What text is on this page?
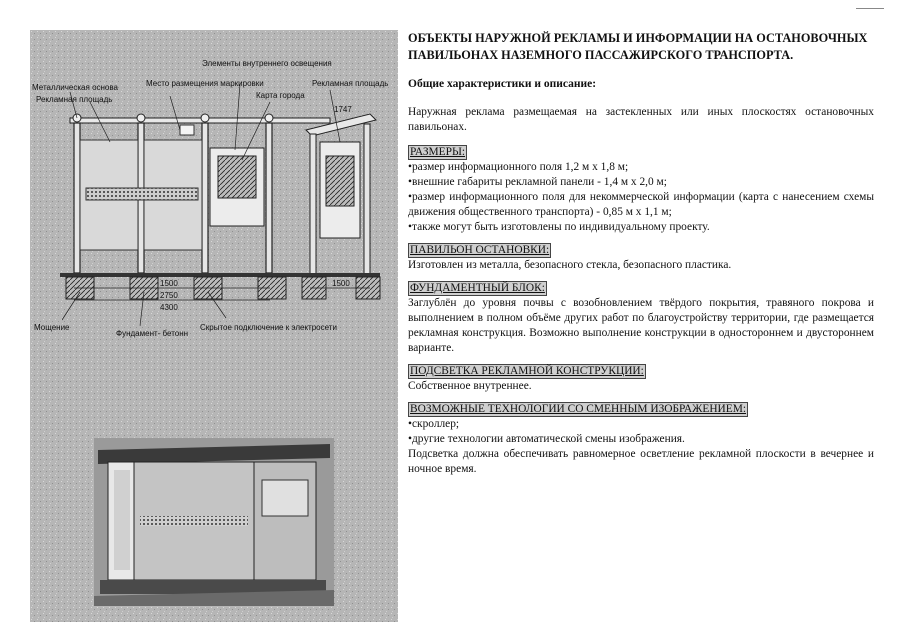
1500
2750
4300
1500
1747
Металлическая основа
Рекламная площадь
Место размещения маркировки
Элементы внутреннего освещения
Карта города
Рекламная площадь
Мощение
Фундамент- бетонн
Скрытое подключение к электросети

ОБЪЕКТЫ НАРУЖНОЙ РЕКЛАМЫ И ИНФОРМАЦИИ НА ОСТАНОВОЧНЫХ ПАВИЛЬОНАХ НАЗЕМНОГО ПАССАЖИРСКОГО ТРАНСПОРТА.

Общие характеристики и описание:

Наружная реклама размещаемая на застекленных или иных плоскостях остановочных павильонах.

РАЗМЕРЫ:
•размер информационного поля 1,2 м х 1,8 м;
•внешние габариты рекламной панели - 1,4 м х 2,0 м;
•размер информационного поля для некоммерческой информации (карта с нанесением схемы движения общественного транспорта) - 0,85 м х 1,1 м;
•также могут быть изготовлены по индивидуальному проекту.
ПАВИЛЬОН ОСТАНОВКИ:
Изготовлен из металла, безопасного стекла, безопасного пластика.
ФУНДАМЕНТНЫЙ БЛОК:
Заглублён до уровня почвы с возобновлением твёрдого покрытия, травяного покрова и выполнением в полном объёме других работ по благоустройству территории, где размещается рекламная конструкция. Возможно выполнение конструкции в одностороннем и двустороннем варианте.
ПОДСВЕТКА РЕКЛАМНОЙ КОНСТРУКЦИИ:
Собственное внутреннее.
ВОЗМОЖНЫЕ ТЕХНОЛОГИИ СО СМЕННЫМ ИЗОБРАЖЕНИЕМ:
•скроллер;
•другие технологии автоматической смены изображения.
Подсветка должна обеспечивать равномерное осветление рекламной плоскости в вечернее и ночное время.
